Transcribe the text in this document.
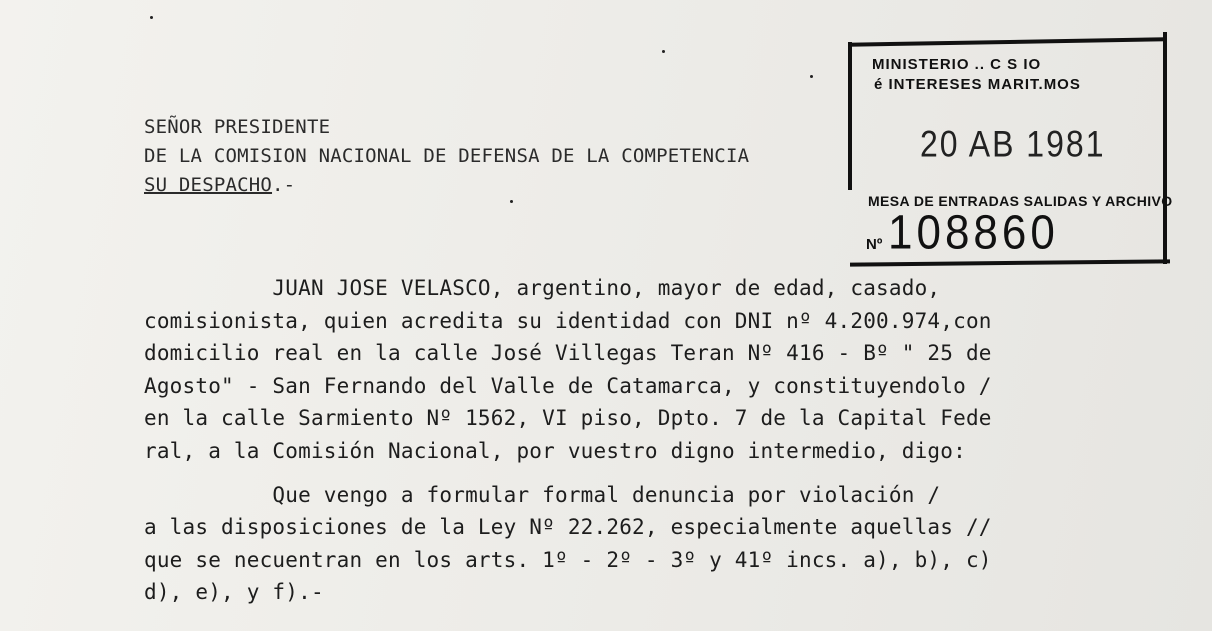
SEÑOR PRESIDENTE
DE LA COMISION NACIONAL DE DEFENSA DE LA COMPETENCIA
SU DESPACHO.-
JUAN JOSE VELASCO, argentino, mayor de edad, casado,
comisionista, quien acredita su identidad con DNI nº 4.200.974,con
domicilio real en la calle José Villegas Teran Nº 416 - Bº " 25 de
Agosto" - San Fernando del Valle de Catamarca, y constituyendolo /
en la calle Sarmiento Nº 1562, VI piso, Dpto. 7 de la Capital Fede
ral, a la Comisión Nacional, por vuestro digno intermedio, digo:
Que vengo a formular formal denuncia por violación /
a las disposiciones de la Ley Nº 22.262, especialmente aquellas //
que se necuentran en los arts. 1º - 2º - 3º y 41º incs. a), b), c)
d), e), y f).-
MINISTERIO .. C S IO
é INTERESES MARIT.MOS
20 AB 1981
MESA DE ENTRADAS SALIDAS Y ARCHIVO
Nº 108860
